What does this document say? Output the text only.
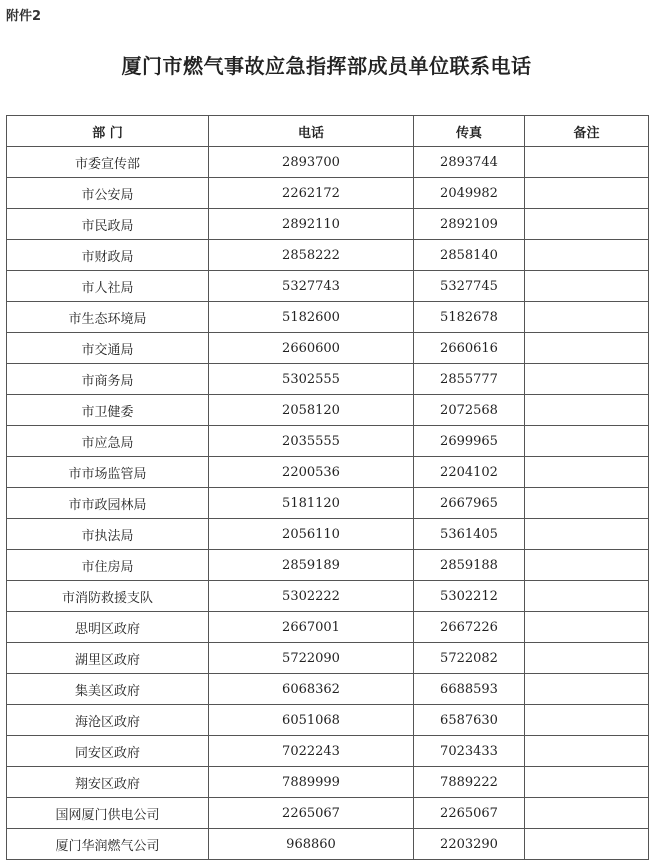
附件2
厦门市燃气事故应急指挥部成员单位联系电话
部 门	电话	传真	备注
市委宣传部	2893700	2893744	
市公安局	2262172	2049982	
市民政局	2892110	2892109	
市财政局	2858222	2858140	
市人社局	5327743	5327745	
市生态环境局	5182600	5182678	
市交通局	2660600	2660616	
市商务局	5302555	2855777	
市卫健委	2058120	2072568	
市应急局	2035555	2699965	
市市场监管局	2200536	2204102	
市市政园林局	5181120	2667965	
市执法局	2056110	5361405	
市住房局	2859189	2859188	
市消防救援支队	5302222	5302212	
思明区政府	2667001	2667226	
湖里区政府	5722090	5722082	
集美区政府	6068362	6688593	
海沧区政府	6051068	6587630	
同安区政府	7022243	7023433	
翔安区政府	7889999	7889222	
国网厦门供电公司	2265067	2265067	
厦门华润燃气公司	968860	2203290	
